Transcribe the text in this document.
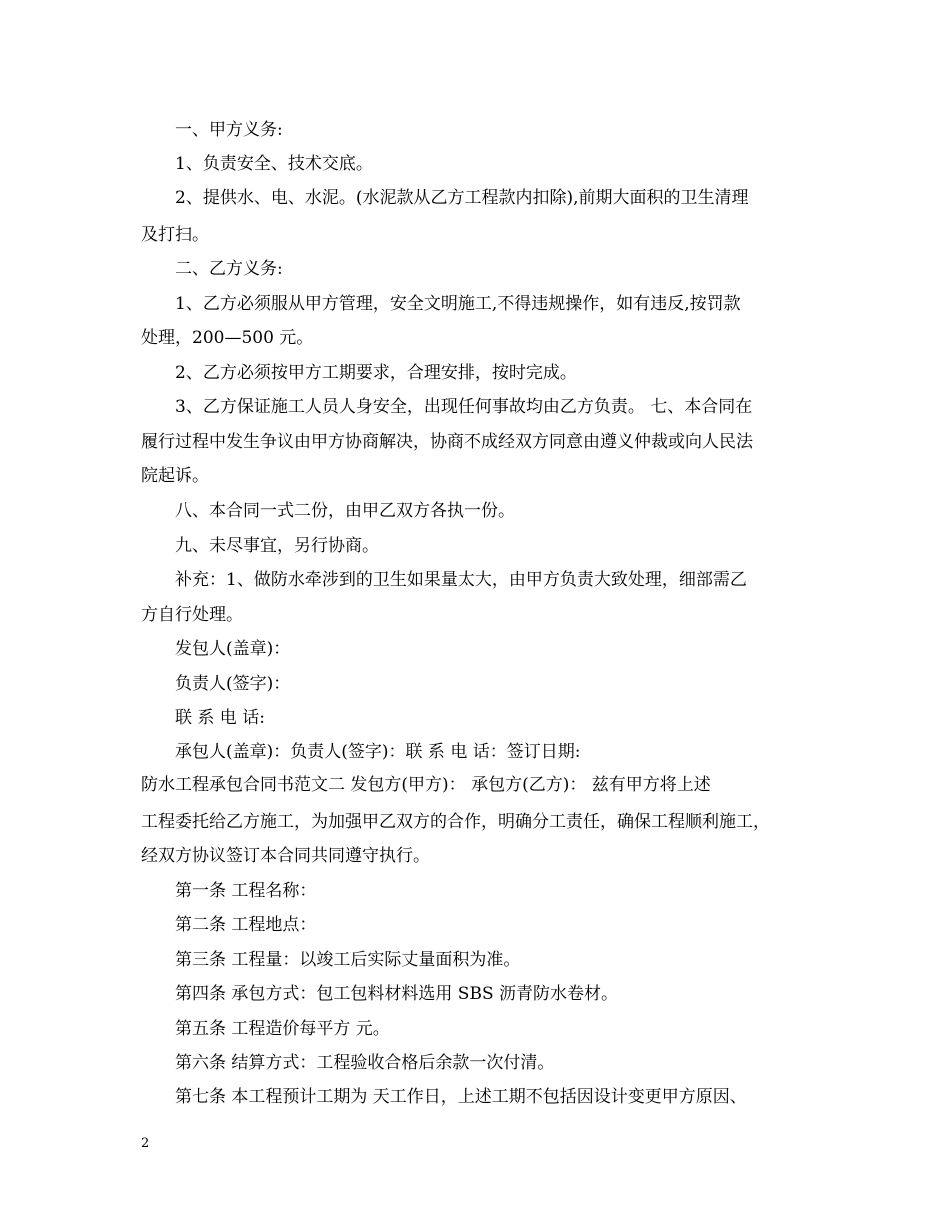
一、甲方义务:
1、负责安全、技术交底。
2、提供水、电、水泥。(水泥款从乙方工程款内扣除),前期大面积的卫生清理
及打扫。
二、乙方义务:
1、乙方必须服从甲方管理，安全文明施工,不得违规操作，如有违反,按罚款
处理，200—500 元。
2、乙方必须按甲方工期要求，合理安排，按时完成。
3、乙方保证施工人员人身安全，出现任何事故均由乙方负责。 七、本合同在
履行过程中发生争议由甲方协商解决，协商不成经双方同意由遵义仲裁或向人民法
院起诉。
八、本合同一式二份，由甲乙双方各执一份。
九、未尽事宜，另行协商。
补充：1、做防水牵涉到的卫生如果量太大，由甲方负责大致处理，细部需乙
方自行处理。
发包人(盖章)：
负责人(签字)：
联 系 电 话:
承包人(盖章)：负责人(签字)：联 系 电 话：签订日期:
防水工程承包合同书范文二 发包方(甲方)： 承包方(乙方)： 兹有甲方将上述
工程委托给乙方施工，为加强甲乙双方的合作，明确分工责任，确保工程顺利施工，
经双方协议签订本合同共同遵守执行。
第一条 工程名称：
第二条 工程地点：
第三条 工程量：以竣工后实际丈量面积为准。
第四条 承包方式：包工包料材料选用 SBS 沥青防水卷材。
第五条 工程造价每平方 元。
第六条 结算方式：工程验收合格后余款一次付清。
第七条 本工程预计工期为 天工作日，上述工期不包括因设计变更甲方原因、
2
